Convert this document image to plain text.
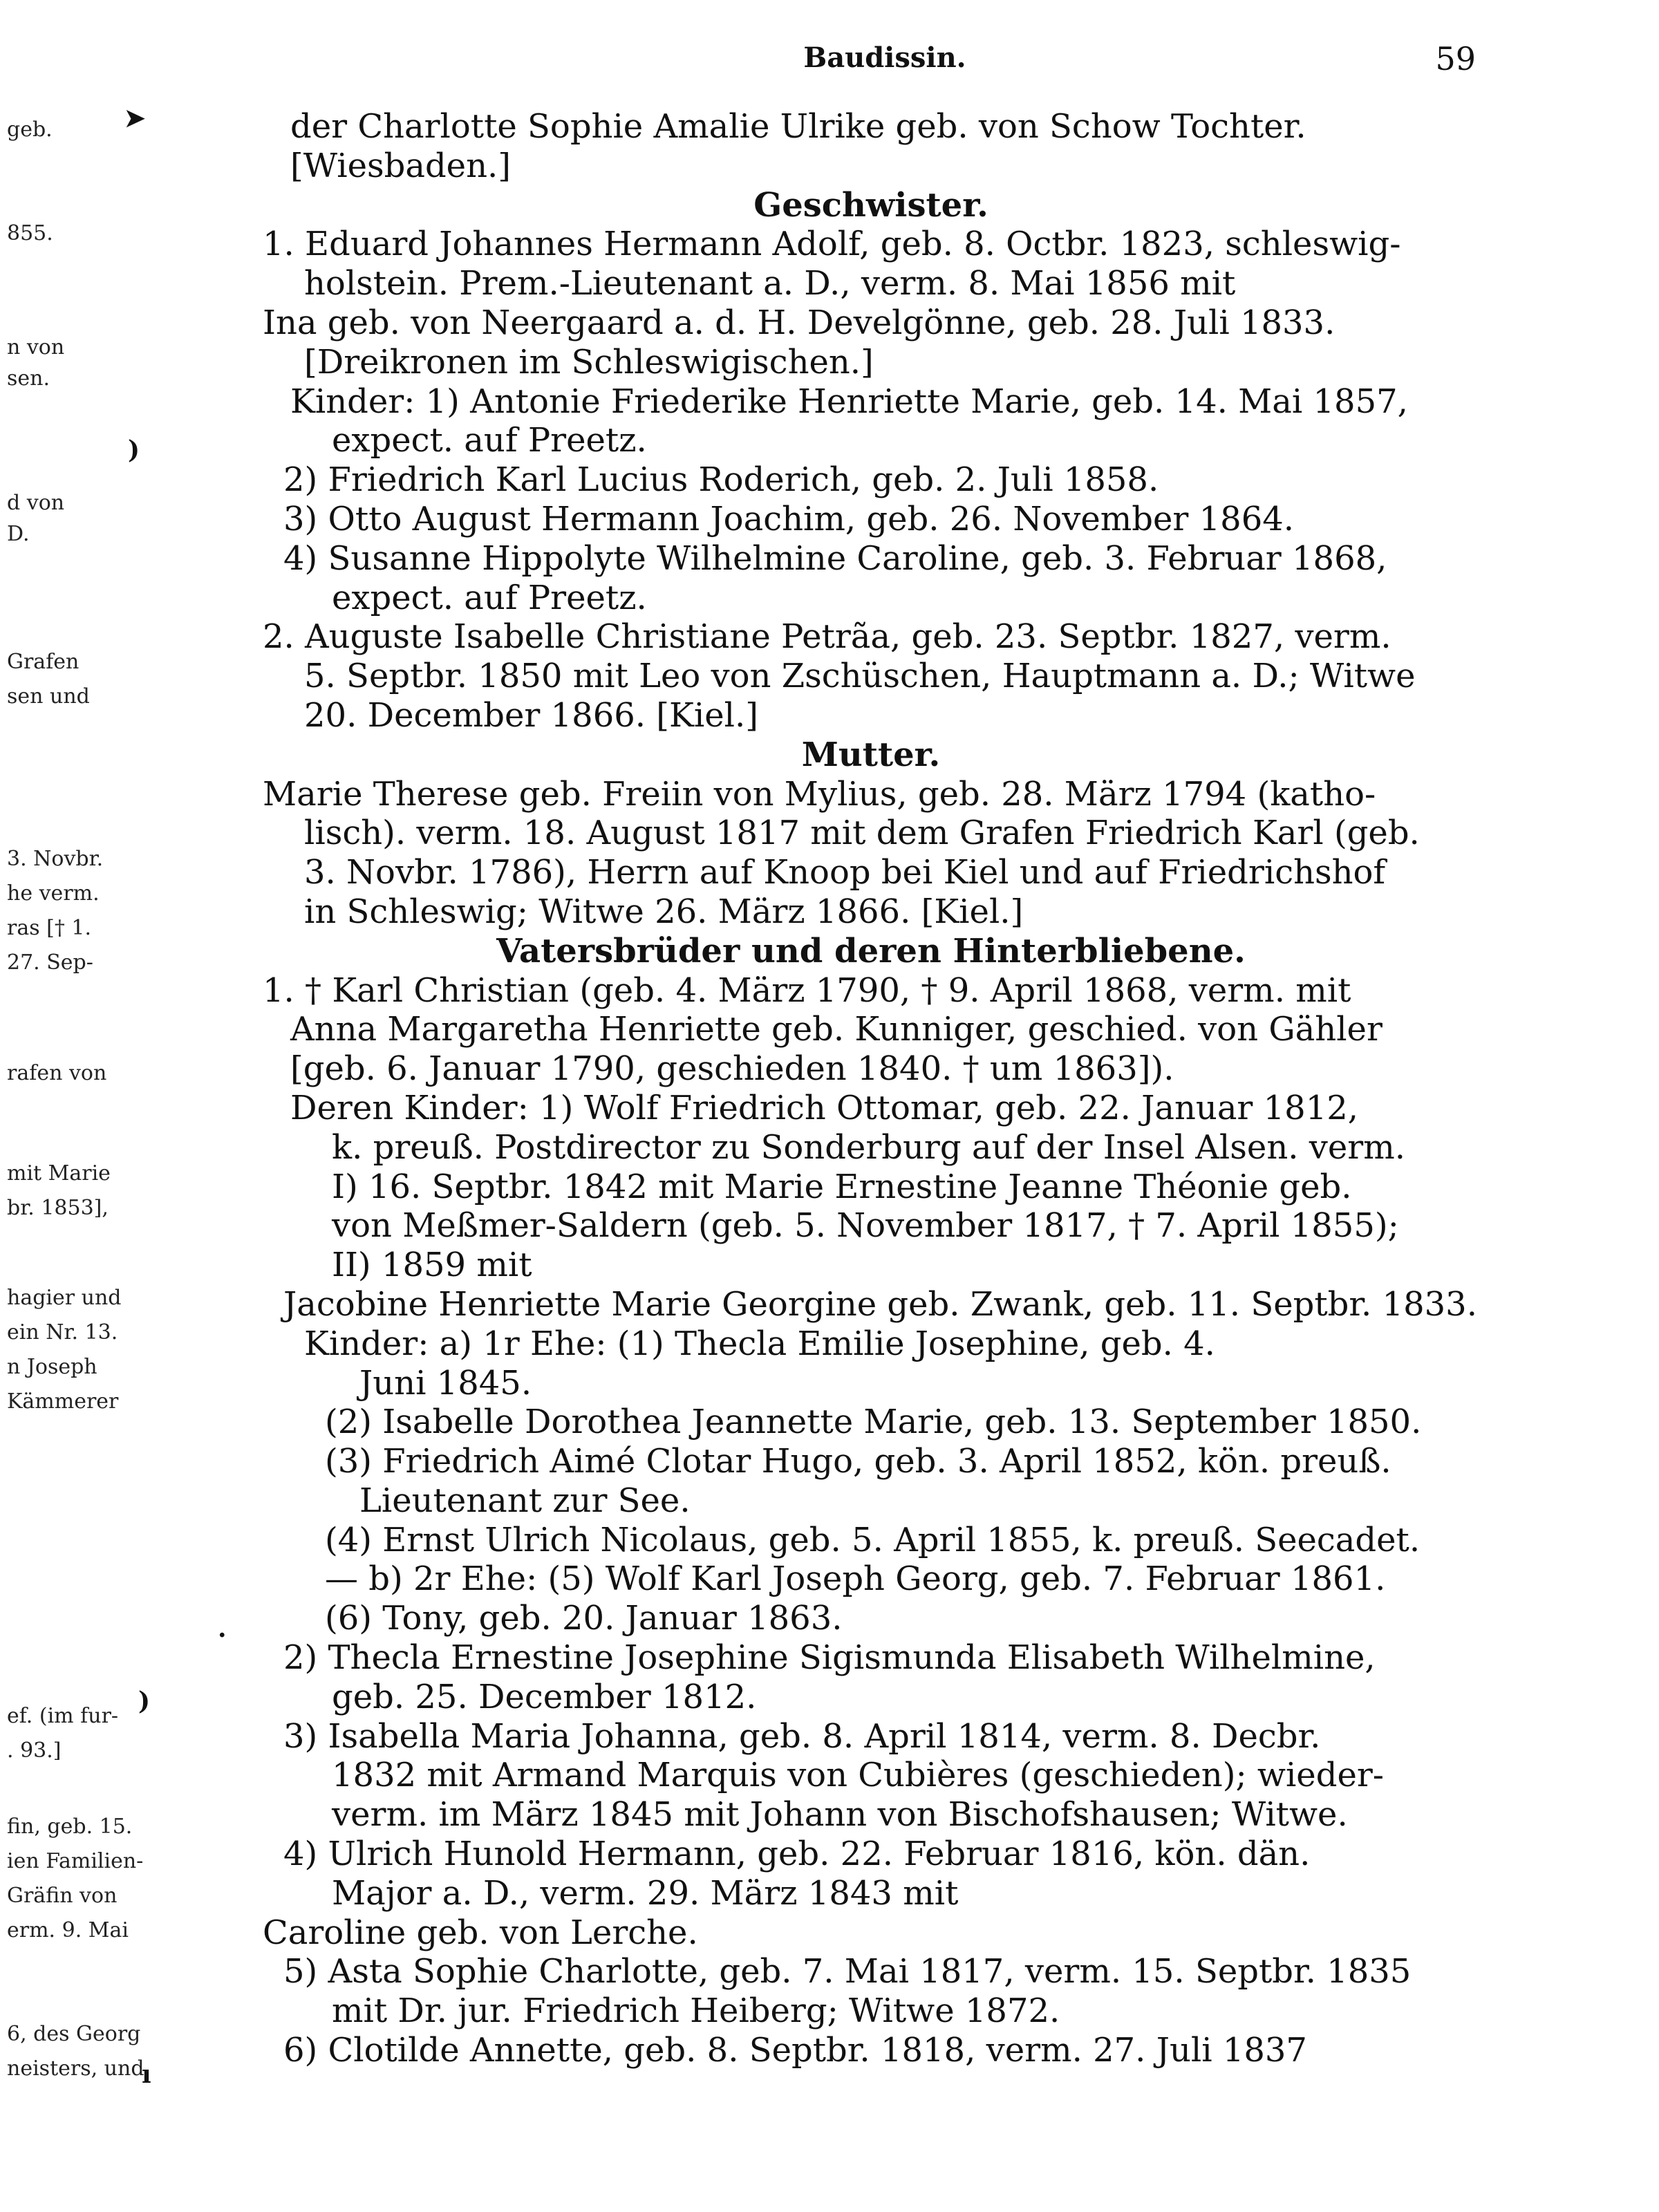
Baudissin.	59
geb.
855.
n von
sen.
d von
D.
Grafen
sen und
3. Novbr.
he verm.
ras [† 1.
27. Sep-
rafen von
mit Marie
br. 1853],
hagier und
ein Nr. 13.
n Joseph
Kämmerer
ef. (im fur-
. 93.]
fin, geb. 15.
ien Familien-
Gräfin von
erm. 9. Mai
6, des Georg
neisters, und
➤
)
)
·
ı
der Charlotte Sophie Amalie Ulrike geb. von Schow Tochter.
[Wiesbaden.]
Geschwister.
1. Eduard Johannes Hermann Adolf, geb. 8. Octbr. 1823, schleswig-
holstein. Prem.-Lieutenant a. D., verm. 8. Mai 1856 mit
Ina geb. von Neergaard a. d. H. Develgönne, geb. 28. Juli 1833.
[Dreikronen im Schleswigischen.]
Kinder: 1) Antonie Friederike Henriette Marie, geb. 14. Mai 1857,
expect. auf Preetz.
2) Friedrich Karl Lucius Roderich, geb. 2. Juli 1858.
3) Otto August Hermann Joachim, geb. 26. November 1864.
4) Susanne Hippolyte Wilhelmine Caroline, geb. 3. Februar 1868,
expect. auf Preetz.
2. Auguste Isabelle Christiane Petrãa, geb. 23. Septbr. 1827, verm.
5. Septbr. 1850 mit Leo von Zschüschen, Hauptmann a. D.; Witwe
20. December 1866. [Kiel.]
Mutter.
Marie Therese geb. Freiin von Mylius, geb. 28. März 1794 (katho-
lisch). verm. 18. August 1817 mit dem Grafen Friedrich Karl (geb.
3. Novbr. 1786), Herrn auf Knoop bei Kiel und auf Friedrichshof
in Schleswig; Witwe 26. März 1866. [Kiel.]
Vatersbrüder und deren Hinterbliebene.
1. † Karl Christian (geb. 4. März 1790, † 9. April 1868, verm. mit
Anna Margaretha Henriette geb. Kunniger, geschied. von Gähler
[geb. 6. Januar 1790, geschieden 1840. † um 1863]).
Deren Kinder: 1) Wolf Friedrich Ottomar, geb. 22. Januar 1812,
k. preuß. Postdirector zu Sonderburg auf der Insel Alsen. verm.
I) 16. Septbr. 1842 mit Marie Ernestine Jeanne Théonie geb.
von Meßmer-Saldern (geb. 5. November 1817, † 7. April 1855);
II) 1859 mit
Jacobine Henriette Marie Georgine geb. Zwank, geb. 11. Septbr. 1833.
Kinder: a) 1r Ehe: (1) Thecla Emilie Josephine, geb. 4.
Juni 1845.
(2) Isabelle Dorothea Jeannette Marie, geb. 13. September 1850.
(3) Friedrich Aimé Clotar Hugo, geb. 3. April 1852, kön. preuß.
Lieutenant zur See.
(4) Ernst Ulrich Nicolaus, geb. 5. April 1855, k. preuß. Seecadet.
— b) 2r Ehe: (5) Wolf Karl Joseph Georg, geb. 7. Februar 1861.
(6) Tony, geb. 20. Januar 1863.
2) Thecla Ernestine Josephine Sigismunda Elisabeth Wilhelmine,
geb. 25. December 1812.
3) Isabella Maria Johanna, geb. 8. April 1814, verm. 8. Decbr.
1832 mit Armand Marquis von Cubières (geschieden); wieder-
verm. im März 1845 mit Johann von Bischofshausen; Witwe.
4) Ulrich Hunold Hermann, geb. 22. Februar 1816, kön. dän.
Major a. D., verm. 29. März 1843 mit
Caroline geb. von Lerche.
5) Asta Sophie Charlotte, geb. 7. Mai 1817, verm. 15. Septbr. 1835
mit Dr. jur. Friedrich Heiberg; Witwe 1872.
6) Clotilde Annette, geb. 8. Septbr. 1818, verm. 27. Juli 1837
